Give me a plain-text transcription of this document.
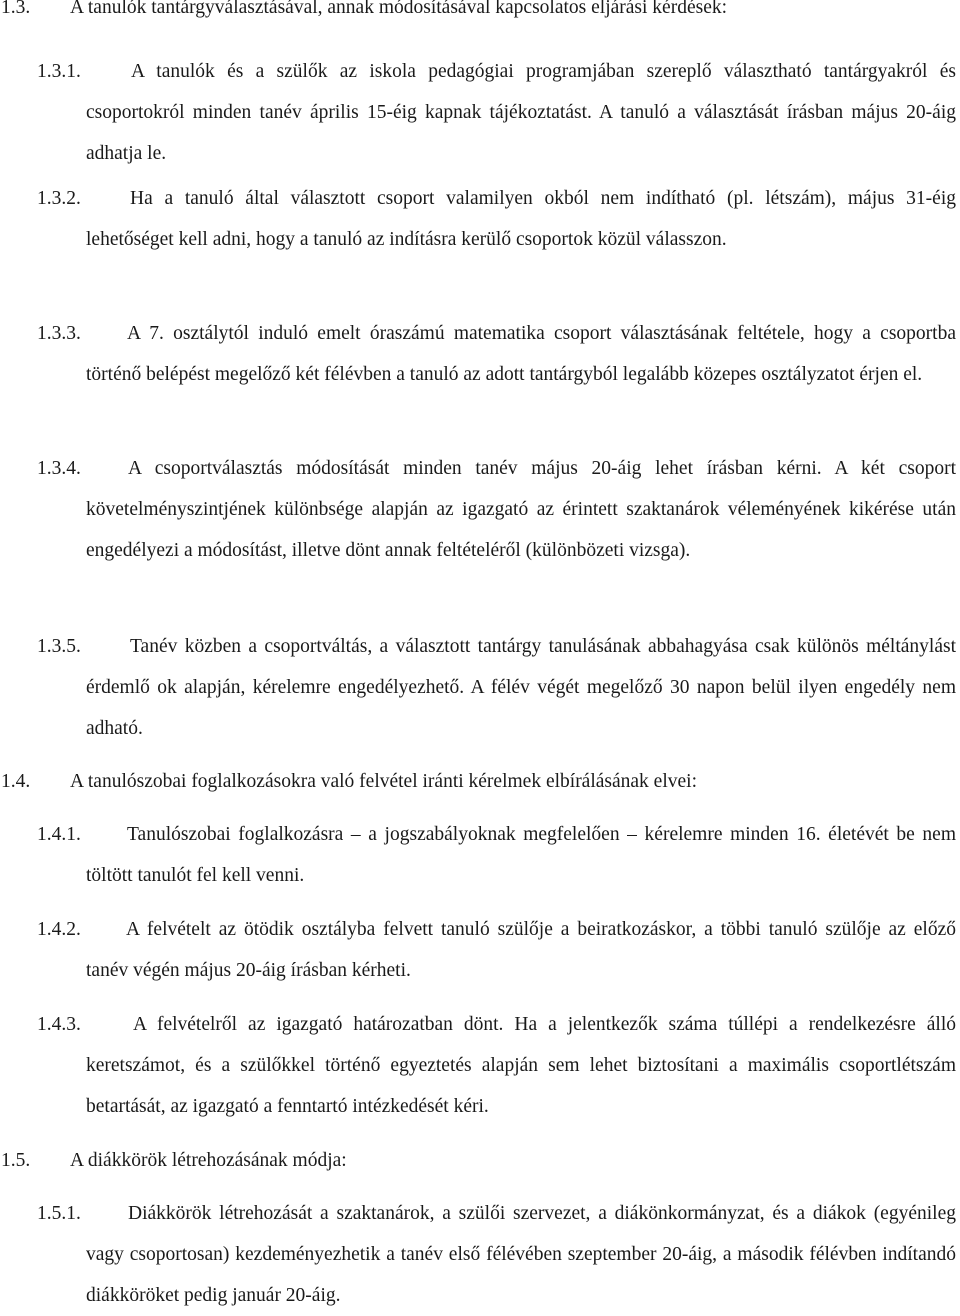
1.3. A tanulók tantárgyválasztásával, annak módosításával kapcsolatos eljárási kérdések:
1.3.1.	A tanulók és a szülők az iskola pedagógiai programjában szereplő választható tantárgyakról és csoportokról minden tanév április 15-éig kapnak tájékoztatást. A tanuló a választását írásban május 20-áig adhatja le.
1.3.2.	Ha a tanuló által választott csoport valamilyen okból nem indítható (pl. létszám), május 31-éig lehetőséget kell adni, hogy a tanuló az indításra kerülő csoportok közül válasszon.
1.3.3.	A 7. osztálytól induló emelt óraszámú matematika csoport választásának feltétele, hogy a csoportba történő belépést megelőző két félévben a tanuló az adott tantárgyból legalább közepes osztályzatot érjen el.
1.3.4.	A csoportválasztás módosítását minden tanév május 20-áig lehet írásban kérni. A két csoport követelményszintjének különbsége alapján az igazgató az érintett szaktanárok véleményének kikérése után engedélyezi a módosítást, illetve dönt annak feltételéről (különbözeti vizsga).
1.3.5.	Tanév közben a csoportváltás, a választott tantárgy tanulásának abbahagyása csak különös méltánylást érdemlő ok alapján, kérelemre engedélyezhető. A félév végét megelőző 30 napon belül ilyen engedély nem adható.
1.4. A tanulószobai foglalkozásokra való felvétel iránti kérelmek elbírálásának elvei:
1.4.1.	Tanulószobai foglalkozásra – a jogszabályoknak megfelelően – kérelemre minden 16. életévét be nem töltött tanulót fel kell venni.
1.4.2.	A felvételt az ötödik osztályba felvett tanuló szülője a beiratkozáskor, a többi tanuló szülője az előző tanév végén május 20-áig írásban kérheti.
1.4.3.	A felvételről az igazgató határozatban dönt. Ha a jelentkezők száma túllépi a rendelkezésre álló keretszámot, és a szülőkkel történő egyeztetés alapján sem lehet biztosítani a maximális csoportlétszám betartását, az igazgató a fenntartó intézkedését kéri.
1.5. A diákkörök létrehozásának módja:
1.5.1.	Diákkörök létrehozását a szaktanárok, a szülői szervezet, a diákönkormányzat, és a diákok (egyénileg vagy csoportosan) kezdeményezhetik a tanév első félévében szeptember 20-áig, a második félévben indítandó diákköröket pedig január 20-áig.
